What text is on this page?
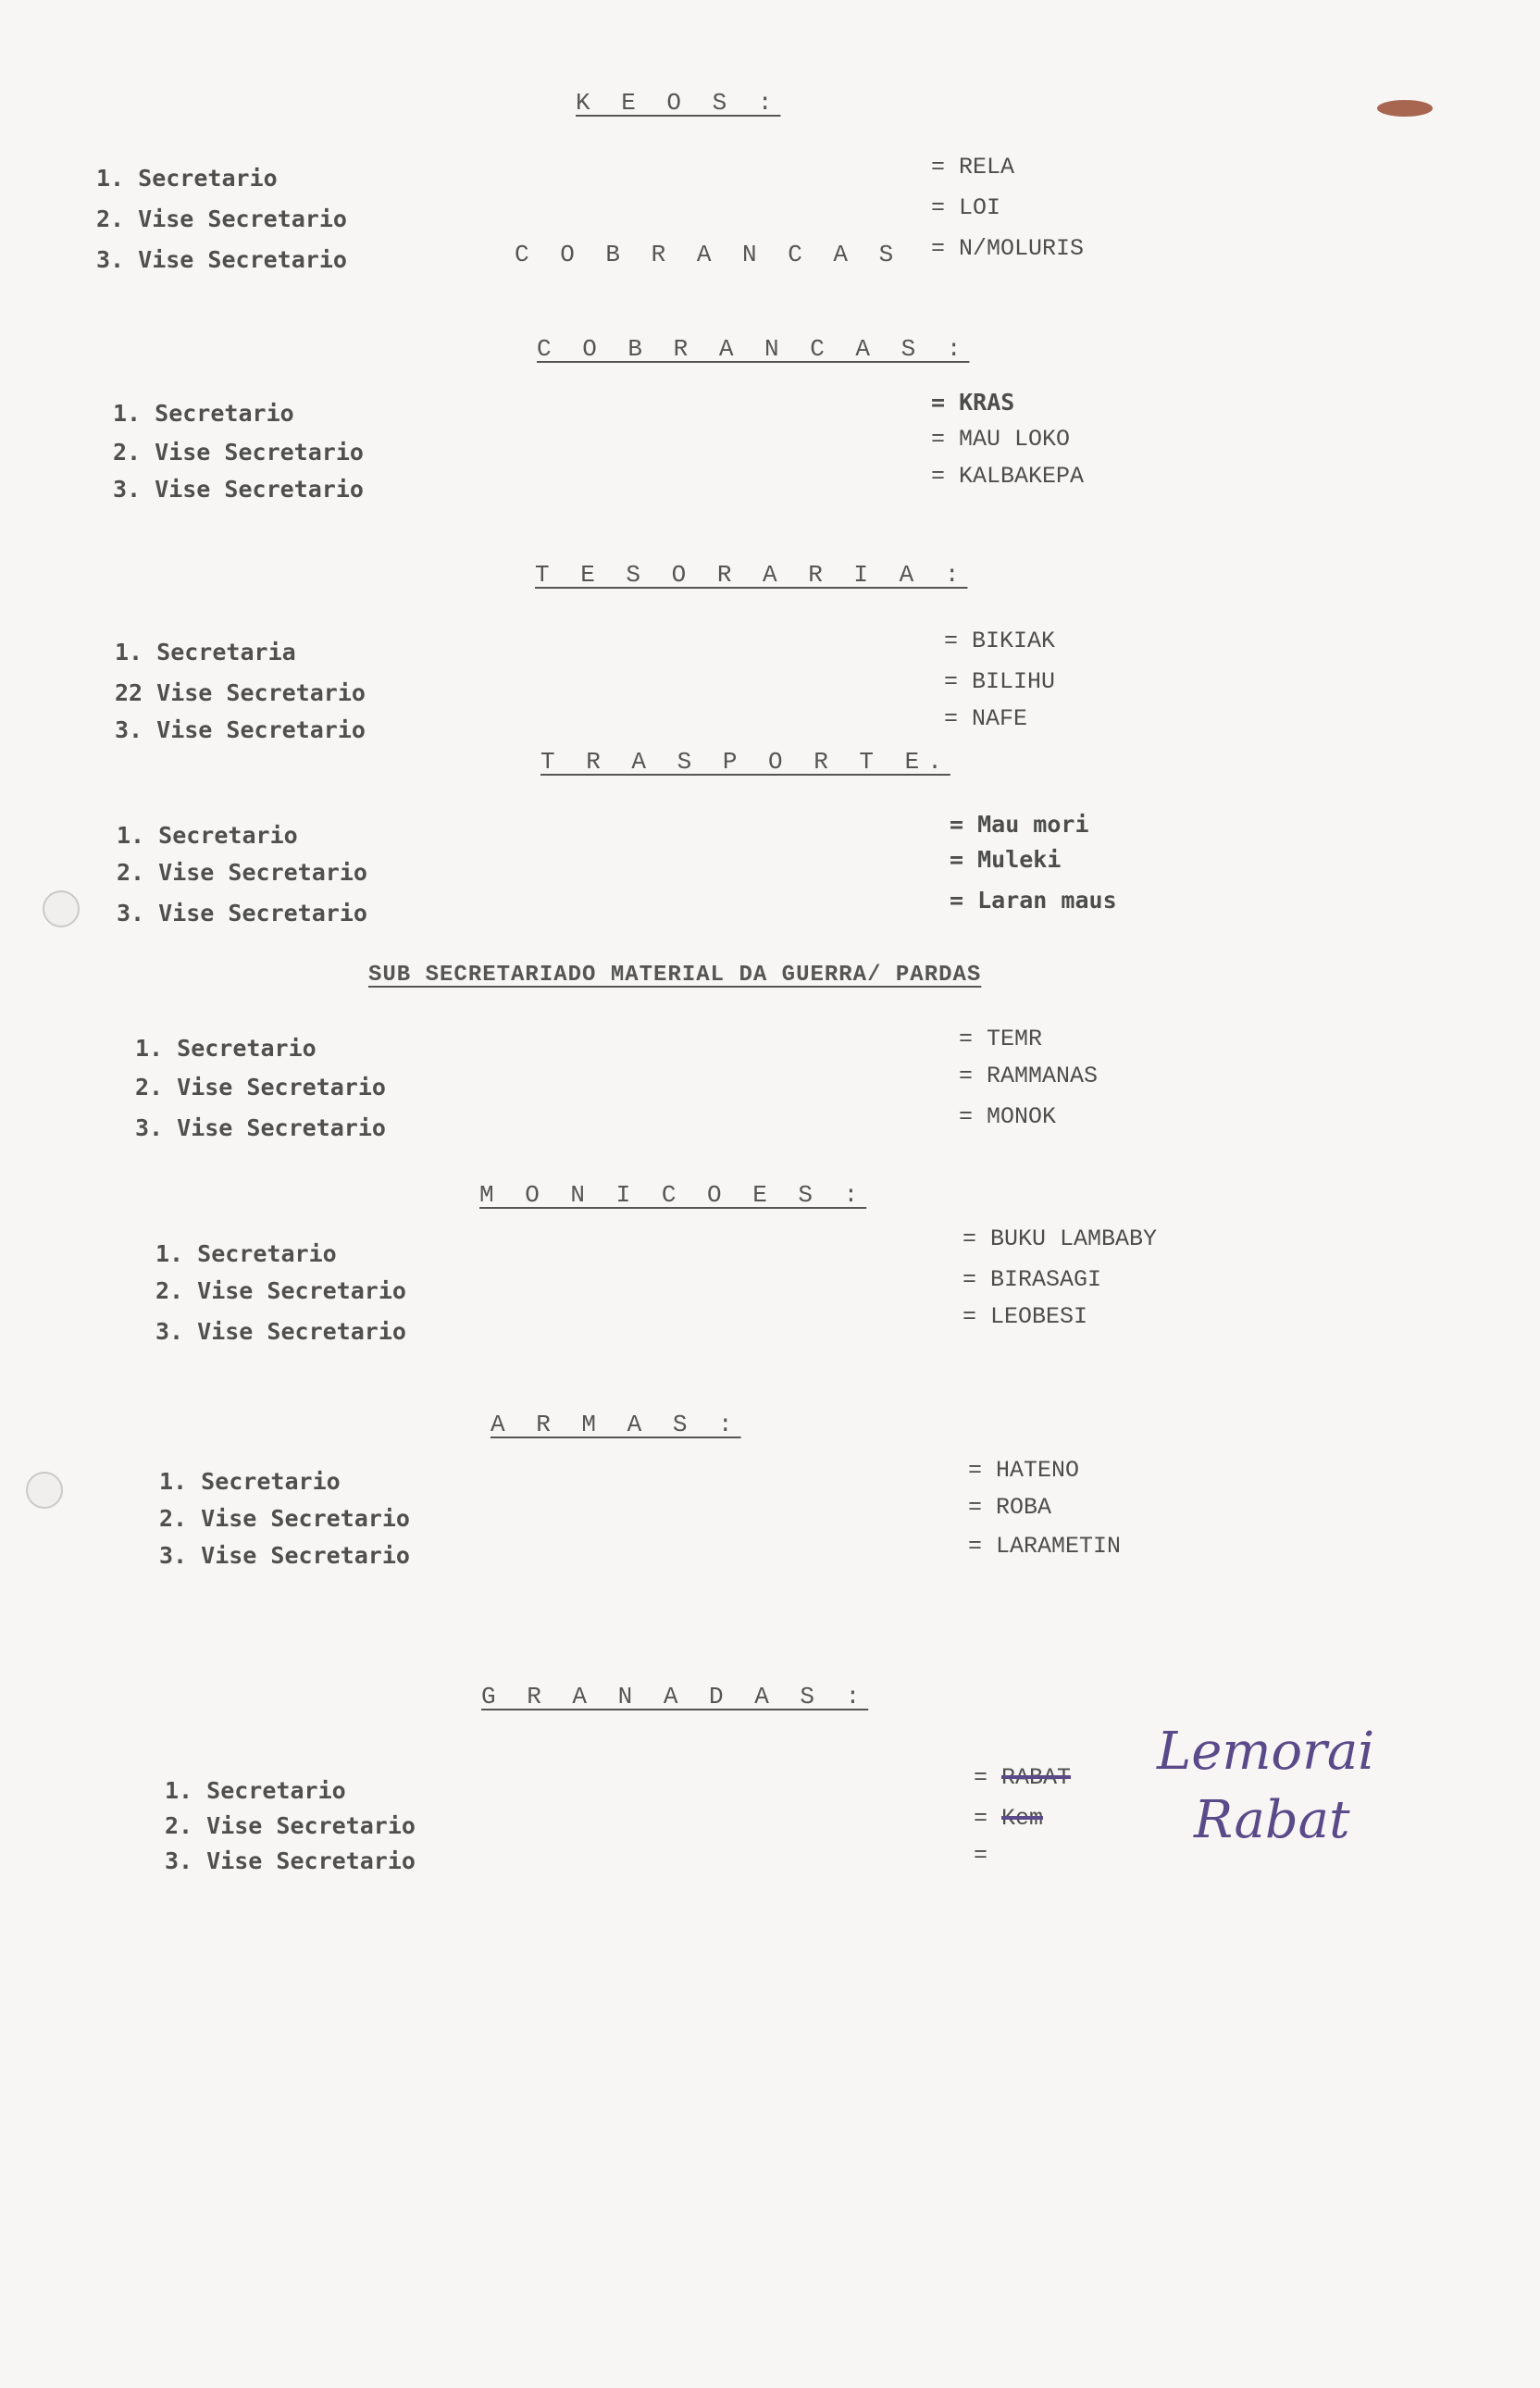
K E O S :
1. Secretario
2. Vise Secretario
3. Vise Secretario	C O B R A N C A S
= RELA
= LOI
= N/MOLURIS
C O B R A N C A S :
1. Secretario
2. Vise Secretario
3. Vise Secretario
= KRAS
= MAU LOKO
= KALBAKEPA
T E S O R A R I A :
1. Secretaria
22 Vise Secretario
3. Vise Secretario
= BIKIAK
= BILIHU
= NAFE
T R A S P O R T E.
1. Secretario
2. Vise Secretario
3. Vise Secretario
= Mau mori
= Muleki
= Laran maus
SUB SECRETARIADO MATERIAL DA GUERRA/ PARDAS
1. Secretario
2. Vise Secretario
3. Vise Secretario
= TEMR
= RAMMANAS
= MONOK
M O N I C O E S :
1. Secretario
2. Vise Secretario
3. Vise Secretario
= BUKU LAMBABY
= BIRASAGI
= LEOBESI
A R M A S :
1. Secretario
2. Vise Secretario
3. Vise Secretario
= HATENO
= ROBA
= LARAMETIN
G R A N A D A S :
1. Secretario
2. Vise Secretario
3. Vise Secretario
= RABAT Lemorai
= Kem	Rabat
=
